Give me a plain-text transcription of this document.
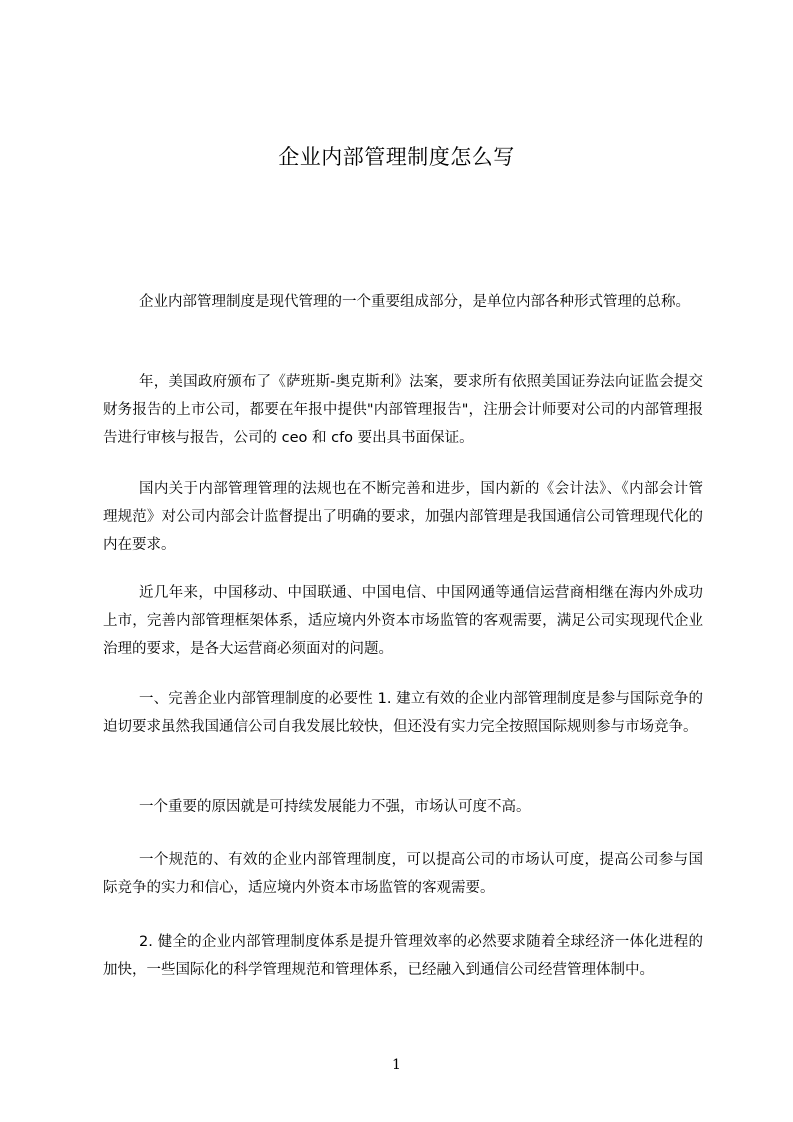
企业内部管理制度怎么写

企业内部管理制度是现代管理的一个重要组成部分，是单位内部各种形式管理的总称。

年，美国政府颁布了《萨班斯-奥克斯利》法案，要求所有依照美国证券法向证监会提交财务报告的上市公司，都要在年报中提供"内部管理报告"，注册会计师要对公司的内部管理报告进行审核与报告，公司的 ceo 和 cfo 要出具书面保证。

国内关于内部管理管理的法规也在不断完善和进步，国内新的《会计法》、《内部会计管理规范》对公司内部会计监督提出了明确的要求，加强内部管理是我国通信公司管理现代化的内在要求。

近几年来，中国移动、中国联通、中国电信、中国网通等通信运营商相继在海内外成功上市，完善内部管理框架体系，适应境内外资本市场监管的客观需要，满足公司实现现代企业治理的要求，是各大运营商必须面对的问题。

一、完善企业内部管理制度的必要性 1. 建立有效的企业内部管理制度是参与国际竞争的迫切要求虽然我国通信公司自我发展比较快，但还没有实力完全按照国际规则参与市场竞争。

一个重要的原因就是可持续发展能力不强，市场认可度不高。

一个规范的、有效的企业内部管理制度，可以提高公司的市场认可度，提高公司参与国际竞争的实力和信心，适应境内外资本市场监管的客观需要。

2. 健全的企业内部管理制度体系是提升管理效率的必然要求随着全球经济一体化进程的加快，一些国际化的科学管理规范和管理体系，已经融入到通信公司经营管理体制中。

1
